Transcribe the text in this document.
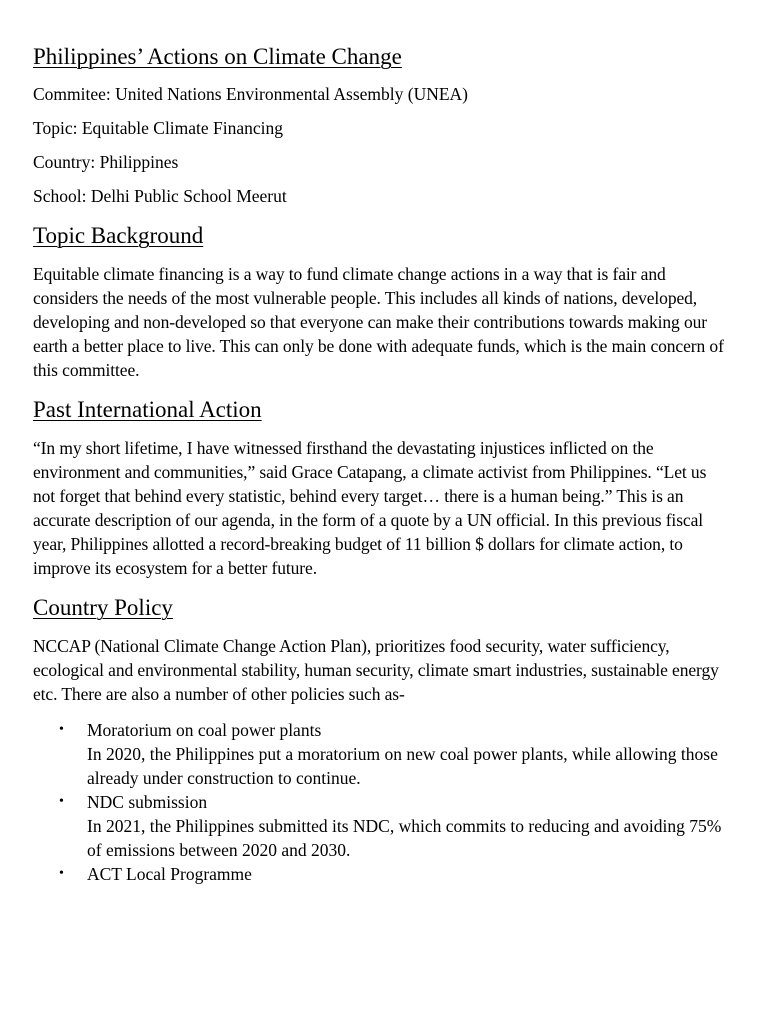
Philippines’ Actions on Climate Change

Commitee: United Nations Environmental Assembly (UNEA)

Topic: Equitable Climate Financing

Country: Philippines

School: Delhi Public School Meerut

Topic Background

Equitable climate financing is a way to fund climate change actions in a way that is fair and considers the needs of the most vulnerable people. This includes all kinds of nations, developed, developing and non-developed so that everyone can make their contributions towards making our earth a better place to live. This can only be done with adequate funds, which is the main concern of this committee.

Past International Action

“In my short lifetime, I have witnessed firsthand the devastating injustices inflicted on the environment and communities,” said Grace Catapang, a climate activist from Philippines. “Let us not forget that behind every statistic, behind every target… there is a human being.” This is an accurate description of our agenda, in the form of a quote by a UN official. In this previous fiscal year, Philippines allotted a record-breaking budget of 11 billion $ dollars for climate action, to improve its ecosystem for a better future.

Country Policy

NCCAP (National Climate Change Action Plan), prioritizes food security, water sufficiency, ecological and environmental stability, human security, climate smart industries, sustainable energy etc. There are also a number of other policies such as-

• Moratorium on coal power plants
In 2020, the Philippines put a moratorium on new coal power plants, while allowing those already under construction to continue.
• NDC submission
In 2021, the Philippines submitted its NDC, which commits to reducing and avoiding 75% of emissions between 2020 and 2030.
• ACT Local Programme
